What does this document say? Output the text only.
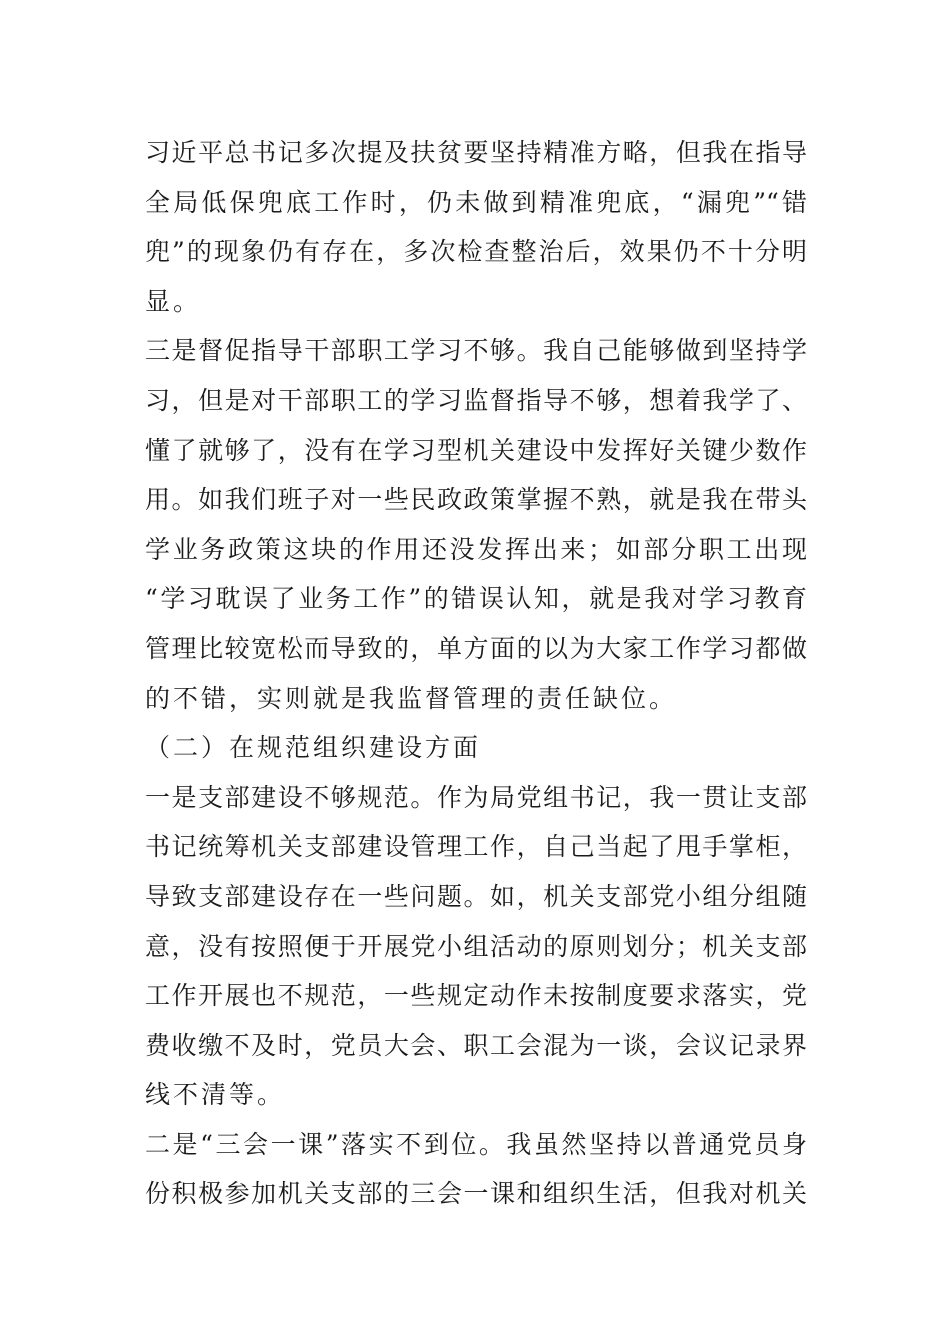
习近平总书记多次提及扶贫要坚持精准方略，但我在指导
全局低保兜底工作时，仍未做到精准兜底，“漏兜”“错
兜”的现象仍有存在，多次检查整治后，效果仍不十分明
显。
三是督促指导干部职工学习不够。我自己能够做到坚持学
习，但是对干部职工的学习监督指导不够，想着我学了、
懂了就够了，没有在学习型机关建设中发挥好关键少数作
用。如我们班子对一些民政政策掌握不熟，就是我在带头
学业务政策这块的作用还没发挥出来；如部分职工出现
“学习耽误了业务工作”的错误认知，就是我对学习教育
管理比较宽松而导致的，单方面的以为大家工作学习都做
的不错，实则就是我监督管理的责任缺位。
（二）在规范组织建设方面
一是支部建设不够规范。作为局党组书记，我一贯让支部
书记统筹机关支部建设管理工作，自己当起了甩手掌柜，
导致支部建设存在一些问题。如，机关支部党小组分组随
意，没有按照便于开展党小组活动的原则划分；机关支部
工作开展也不规范，一些规定动作未按制度要求落实，党
费收缴不及时，党员大会、职工会混为一谈，会议记录界
线不清等。
二是“三会一课”落实不到位。我虽然坚持以普通党员身
份积极参加机关支部的三会一课和组织生活，但我对机关
